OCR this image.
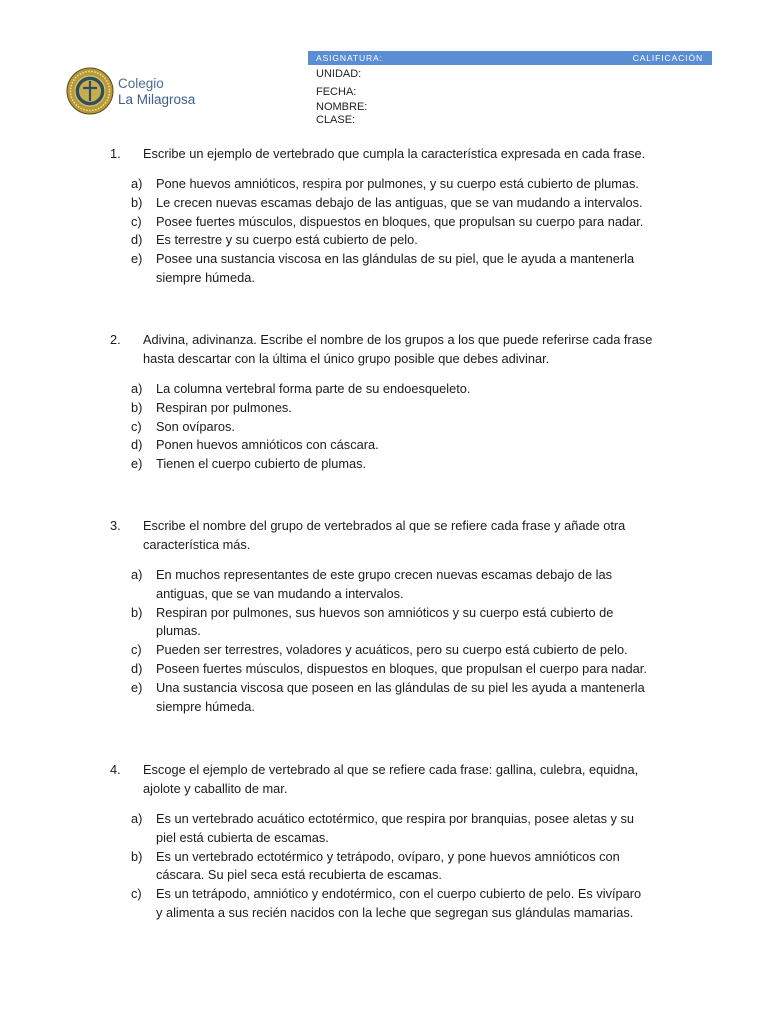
Colegio
La Milagrosa
ASIGNATURA:	CALIFICACIÓN
UNIDAD:
FECHA:
NOMBRE:
CLASE:
1. Escribe un ejemplo de vertebrado que cumpla la característica expresada en cada frase.
a) Pone huevos amnióticos, respira por pulmones, y su cuerpo está cubierto de plumas.
b) Le crecen nuevas escamas debajo de las antiguas, que se van mudando a intervalos.
c) Posee fuertes músculos, dispuestos en bloques, que propulsan su cuerpo para nadar.
d) Es terrestre y su cuerpo está cubierto de pelo.
e) Posee una sustancia viscosa en las glándulas de su piel, que le ayuda a mantenerla
siempre húmeda.
2. Adivina, adivinanza. Escribe el nombre de los grupos a los que puede referirse cada frase
hasta descartar con la última el único grupo posible que debes adivinar.
a) La columna vertebral forma parte de su endoesqueleto.
b) Respiran por pulmones.
c) Son ovíparos.
d) Ponen huevos amnióticos con cáscara.
e) Tienen el cuerpo cubierto de plumas.
3. Escribe el nombre del grupo de vertebrados al que se refiere cada frase y añade otra
característica más.
a) En muchos representantes de este grupo crecen nuevas escamas debajo de las
antiguas, que se van mudando a intervalos.
b) Respiran por pulmones, sus huevos son amnióticos y su cuerpo está cubierto de
plumas.
c) Pueden ser terrestres, voladores y acuáticos, pero su cuerpo está cubierto de pelo.
d) Poseen fuertes músculos, dispuestos en bloques, que propulsan el cuerpo para nadar.
e) Una sustancia viscosa que poseen en las glándulas de su piel les ayuda a mantenerla
siempre húmeda.
4. Escoge el ejemplo de vertebrado al que se refiere cada frase: gallina, culebra, equidna,
ajolote y caballito de mar.
a) Es un vertebrado acuático ectotérmico, que respira por branquias, posee aletas y su
piel está cubierta de escamas.
b) Es un vertebrado ectotérmico y tetrápodo, ovíparo, y pone huevos amnióticos con
cáscara. Su piel seca está recubierta de escamas.
c) Es un tetrápodo, amniótico y endotérmico, con el cuerpo cubierto de pelo. Es vivíparo
y alimenta a sus recién nacidos con la leche que segregan sus glándulas mamarias.
